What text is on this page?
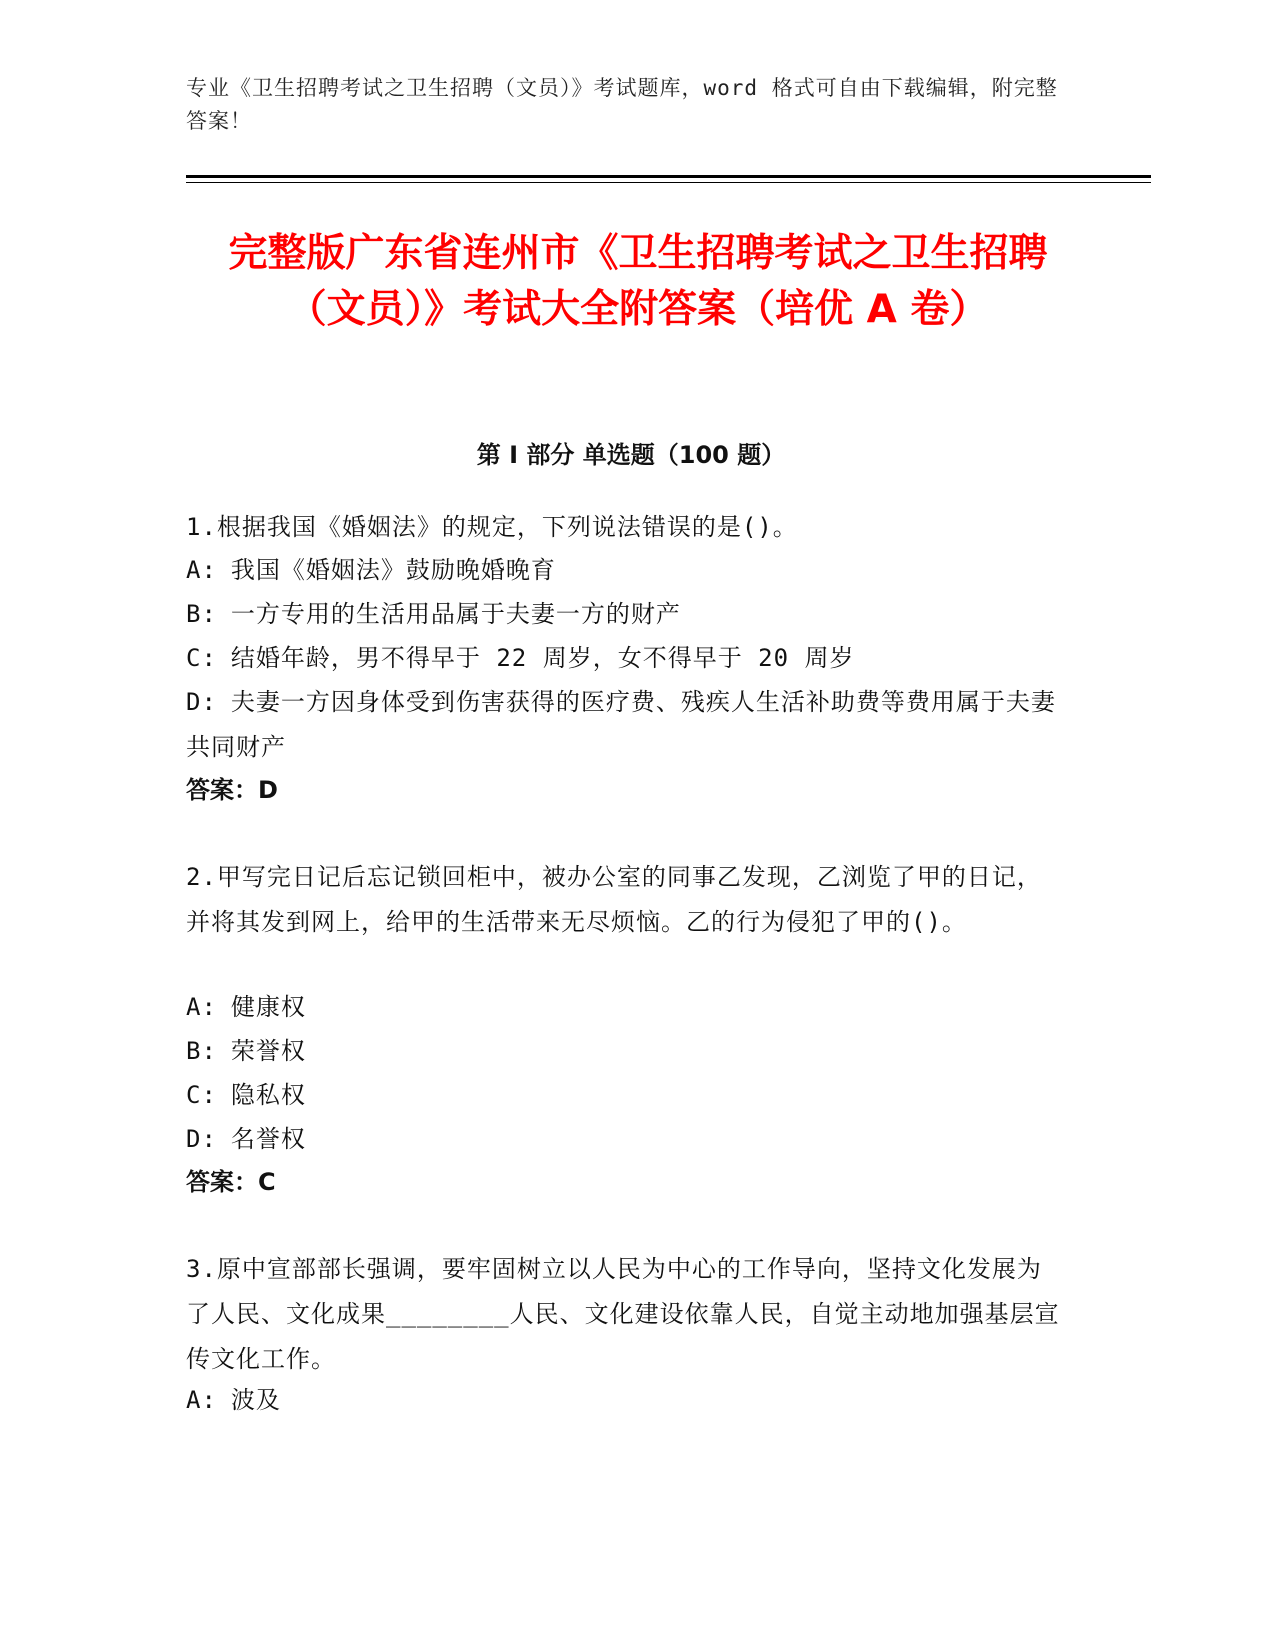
专业《卫生招聘考试之卫生招聘（文员）》考试题库，word 格式可自由下载编辑，附完整答案！
完整版广东省连州市《卫生招聘考试之卫生招聘（文员）》考试大全附答案（培优 A 卷）
第 I 部分 单选题（100 题）

1.根据我国《婚姻法》的规定，下列说法错误的是()。

A: 我国《婚姻法》鼓励晚婚晚育

B: 一方专用的生活用品属于夫妻一方的财产

C: 结婚年龄，男不得早于 22 周岁，女不得早于 20 周岁

D: 夫妻一方因身体受到伤害获得的医疗费、残疾人生活补助费等费用属于夫妻共同财产

答案：D

2.甲写完日记后忘记锁回柜中，被办公室的同事乙发现，乙浏览了甲的日记，并将其发到网上，给甲的生活带来无尽烦恼。乙的行为侵犯了甲的()。

A: 健康权

B: 荣誉权

C: 隐私权

D: 名誉权

答案：C

3.原中宣部部长强调，要牢固树立以人民为中心的工作导向，坚持文化发展为了人民、文化成果________人民、文化建设依靠人民，自觉主动地加强基层宣传文化工作。

A: 波及
